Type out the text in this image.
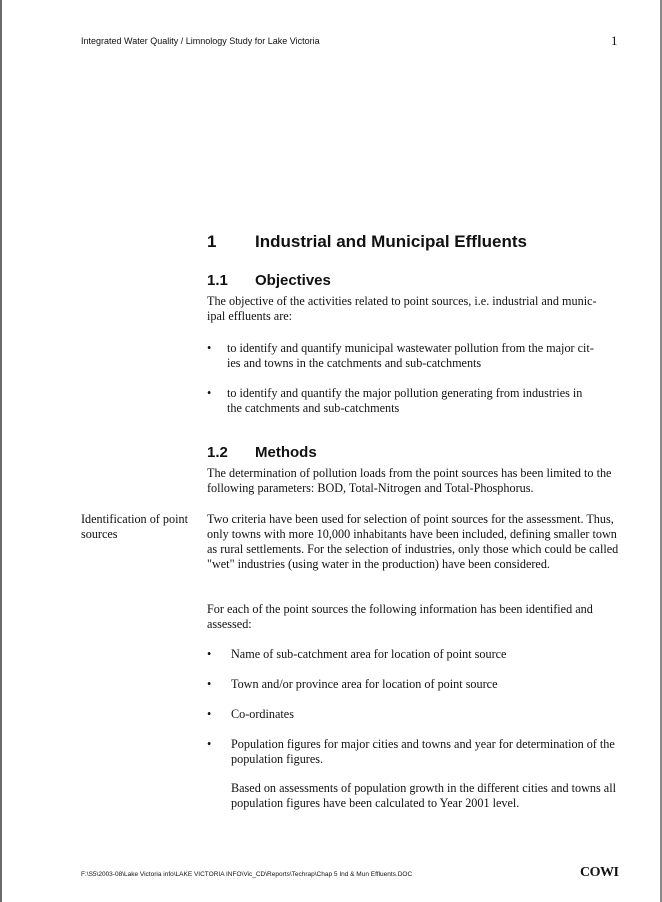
Integrated Water Quality / Limnology Study for Lake Victoria	1
1 Industrial and Municipal Effluents
1.1 Objectives
The objective of the activities related to point sources, i.e. industrial and munic-
ipal effluents are:
• to identify and quantify municipal wastewater pollution from the major cit-
ies and towns in the catchments and sub-catchments
• to identify and quantify the major pollution generating from industries in
the catchments and sub-catchments
1.2 Methods
The determination of pollution loads from the point sources has been limited to the following parameters: BOD, Total-Nitrogen and Total-Phosphorus.
Identification of point sources
Two criteria have been used for selection of point sources for the assessment. Thus, only towns with more 10,000 inhabitants have been included, defining smaller town as rural settlements. For the selection of industries, only those which could be called "wet" industries (using water in the production) have been considered.
For each of the point sources the following information has been identified and assessed:
• Name of sub-catchment area for location of point source
• Town and/or province area for location of point source
• Co-ordinates
• Population figures for major cities and towns and year for determination of the population figures.
Based on assessments of population growth in the different cities and towns all population figures have been calculated to Year 2001 level.
F:\S5\2003-08\Lake Victoria info\LAKE VICTORIA INFO\Vic_CD\Reports\Techrap\Chap 5 Ind & Mun Effluents.DOC	COWI
